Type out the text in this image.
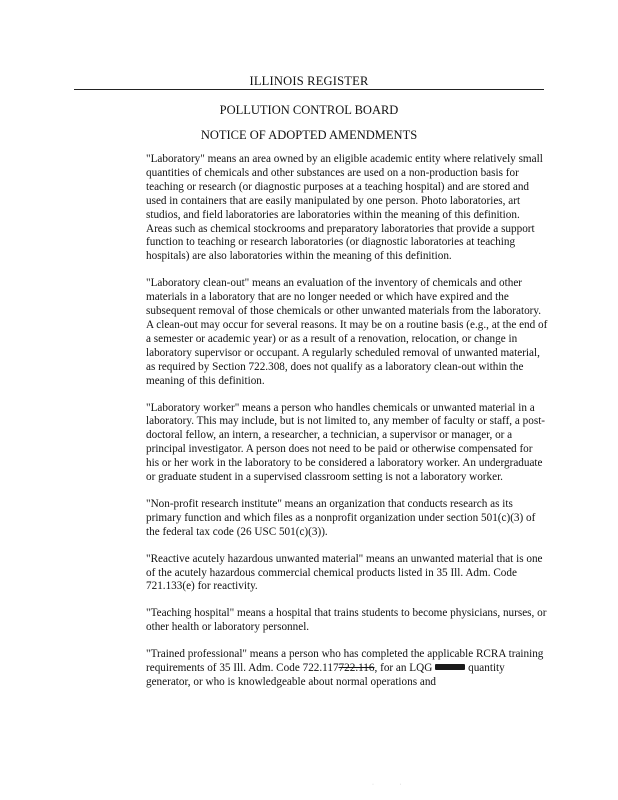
ILLINOIS REGISTER
POLLUTION CONTROL BOARD
NOTICE OF ADOPTED AMENDMENTS

"Laboratory" means an area owned by an eligible academic entity where relatively small quantities of chemicals and other substances are used on a non-production basis for teaching or research (or diagnostic purposes at a teaching hospital) and are stored and used in containers that are easily manipulated by one person. Photo laboratories, art studios, and field laboratories are laboratories within the meaning of this definition. Areas such as chemical stockrooms and preparatory laboratories that provide a support function to teaching or research laboratories (or diagnostic laboratories at teaching hospitals) are also laboratories within the meaning of this definition.

"Laboratory clean-out" means an evaluation of the inventory of chemicals and other materials in a laboratory that are no longer needed or which have expired and the subsequent removal of those chemicals or other unwanted materials from the laboratory. A clean-out may occur for several reasons. It may be on a routine basis (e.g., at the end of a semester or academic year) or as a result of a renovation, relocation, or change in laboratory supervisor or occupant. A regularly scheduled removal of unwanted material, as required by Section 722.308, does not qualify as a laboratory clean-out within the meaning of this definition.

"Laboratory worker" means a person who handles chemicals or unwanted material in a laboratory. This may include, but is not limited to, any member of faculty or staff, a post-doctoral fellow, an intern, a researcher, a technician, a supervisor or manager, or a principal investigator. A person does not need to be paid or otherwise compensated for his or her work in the laboratory to be considered a laboratory worker. An undergraduate or graduate student in a supervised classroom setting is not a laboratory worker.

"Non-profit research institute" means an organization that conducts research as its primary function and which files as a nonprofit organization under section 501(c)(3) of the federal tax code (26 USC 501(c)(3)).

"Reactive acutely hazardous unwanted material" means an unwanted material that is one of the acutely hazardous commercial chemical products listed in 35 Ill. Adm. Code 721.133(e) for reactivity.

"Teaching hospital" means a hospital that trains students to become physicians, nurses, or other health or laboratory personnel.

"Trained professional" means a person who has completed the applicable RCRA training requirements of 35 Ill. Adm. Code 722.117722.116, for an LQG	quantity generator, or who is knowledgeable about normal operations and

· ·
